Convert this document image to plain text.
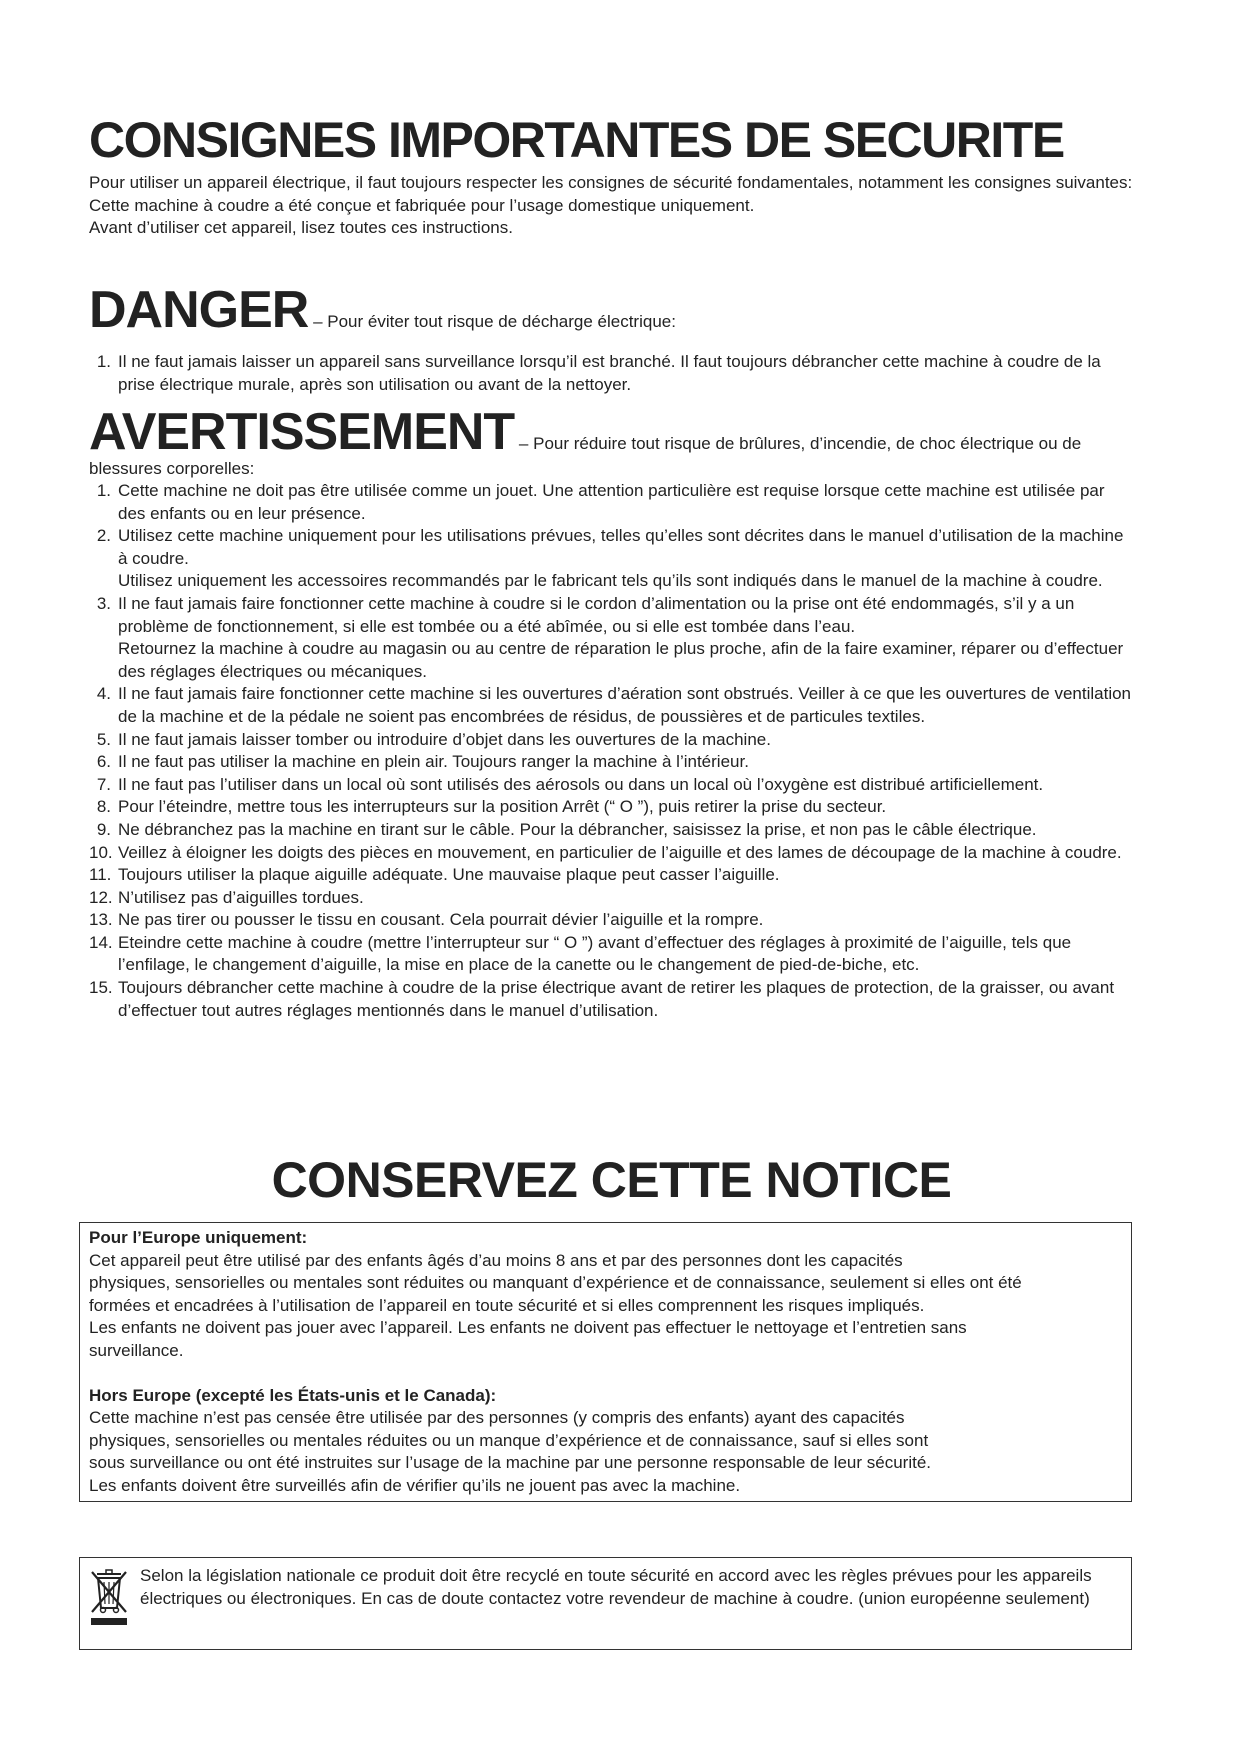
CONSIGNES IMPORTANTES DE SECURITE

Pour utiliser un appareil électrique, il faut toujours respecter les consignes de sécurité fondamentales, notamment les consignes suivantes:

Cette machine à coudre a été conçue et fabriquée pour l’usage domestique uniquement.

Avant d’utiliser cet appareil, lisez toutes ces instructions.

DANGER – Pour éviter tout risque de décharge électrique:
1. Il ne faut jamais laisser un appareil sans surveillance lorsqu’il est branché. Il faut toujours débrancher cette machine à coudre de la prise électrique murale, après son utilisation ou avant de la nettoyer.
AVERTISSEMENT – Pour réduire tout risque de brûlures, d’incendie, de choc électrique ou de blessures corporelles:
1. Cette machine ne doit pas être utilisée comme un jouet. Une attention particulière est requise lorsque cette machine est utilisée par des enfants ou en leur présence.
2. Utilisez cette machine uniquement pour les utilisations prévues, telles qu’elles sont décrites dans le manuel d’utilisation de la machine à coudre.
Utilisez uniquement les accessoires recommandés par le fabricant tels qu’ils sont indiqués dans le manuel de la machine à coudre.
3. Il ne faut jamais faire fonctionner cette machine à coudre si le cordon d’alimentation ou la prise ont été endommagés, s’il y a un problème de fonctionnement, si elle est tombée ou a été abîmée, ou si elle est tombée dans l’eau.
Retournez la machine à coudre au magasin ou au centre de réparation le plus proche, afin de la faire examiner, réparer ou d’effectuer des réglages électriques ou mécaniques.
4. Il ne faut jamais faire fonctionner cette machine si les ouvertures d’aération sont obstrués. Veiller à ce que les ouvertures de ventilation de la machine et de la pédale ne soient pas encombrées de résidus, de poussières et de particules textiles.
5. Il ne faut jamais laisser tomber ou introduire d’objet dans les ouvertures de la machine.
6. Il ne faut pas utiliser la machine en plein air. Toujours ranger la machine à l’intérieur.
7. Il ne faut pas l’utiliser dans un local où sont utilisés des aérosols ou dans un local où l’oxygène est distribué artificiellement.
8. Pour l’éteindre, mettre tous les interrupteurs sur la position Arrêt (“ O ”), puis retirer la prise du secteur.
9. Ne débranchez pas la machine en tirant sur le câble. Pour la débrancher, saisissez la prise, et non pas le câble électrique.
10. Veillez à éloigner les doigts des pièces en mouvement, en particulier de l’aiguille et des lames de découpage de la machine à coudre.
11. Toujours utiliser la plaque aiguille adéquate. Une mauvaise plaque peut casser l’aiguille.
12. N’utilisez pas d’aiguilles tordues.
13. Ne pas tirer ou pousser le tissu en cousant. Cela pourrait dévier l’aiguille et la rompre.
14. Eteindre cette machine à coudre (mettre l’interrupteur sur “ O ”) avant d’effectuer des réglages à proximité de l’aiguille, tels que l’enfilage, le changement d’aiguille, la mise en place de la canette ou le changement de pied-de-biche, etc.
15. Toujours débrancher cette machine à coudre de la prise électrique avant de retirer les plaques de protection, de la graisser, ou avant d’effectuer tout autres réglages mentionnés dans le manuel d’utilisation.
CONSERVEZ CETTE NOTICE

Pour l’Europe uniquement:

Cet appareil peut être utilisé par des enfants âgés d’au moins 8 ans et par des personnes dont les capacités

physiques, sensorielles ou mentales sont réduites ou manquant d’expérience et de connaissance, seulement si elles ont été

formées et encadrées à l’utilisation de l’appareil en toute sécurité et si elles comprennent les risques impliqués.

Les enfants ne doivent pas jouer avec l’appareil. Les enfants ne doivent pas effectuer le nettoyage et l’entretien sans

surveillance.

Hors Europe (excepté les États-unis et le Canada):

Cette machine n’est pas censée être utilisée par des personnes (y compris des enfants) ayant des capacités

physiques, sensorielles ou mentales réduites ou un manque d’expérience et de connaissance, sauf si elles sont

sous surveillance ou ont été instruites sur l’usage de la machine par une personne responsable de leur sécurité.

Les enfants doivent être surveillés afin de vérifier qu’ils ne jouent pas avec la machine.

Selon la législation nationale ce produit doit être recyclé en toute sécurité en accord avec les règles prévues pour les appareils électriques ou électroniques. En cas de doute contactez votre revendeur de machine à coudre. (union européenne seulement)
